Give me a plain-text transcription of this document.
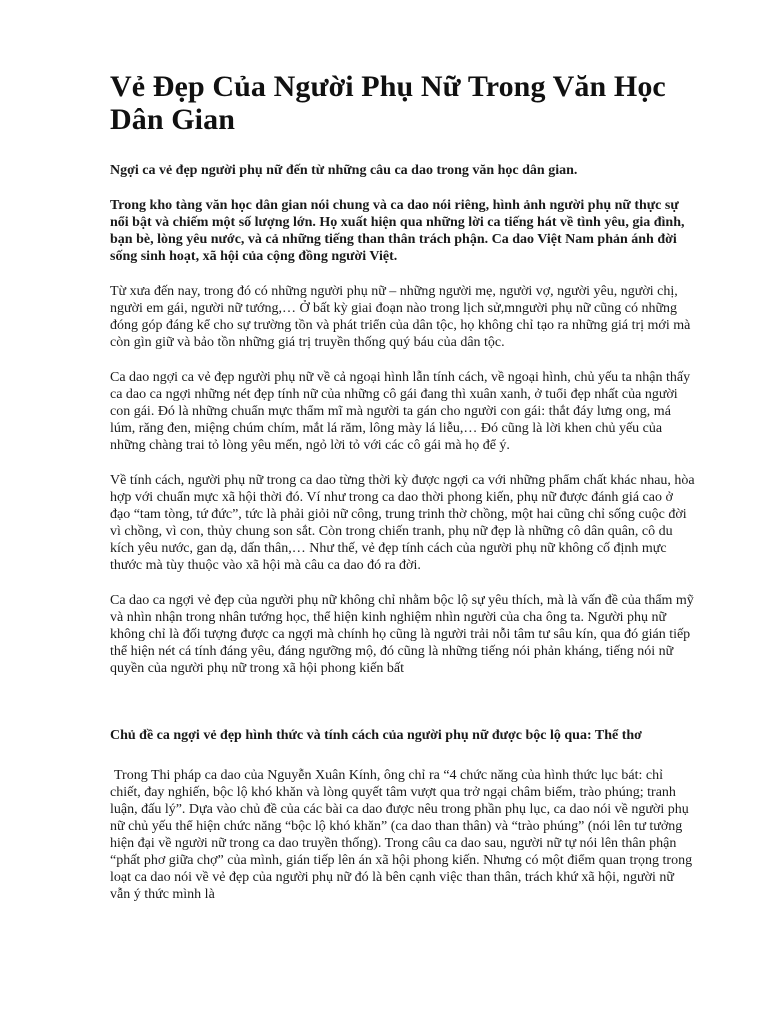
Vẻ Đẹp Của Người Phụ Nữ Trong Văn Học Dân Gian

Ngợi ca vẻ đẹp người phụ nữ đến từ những câu ca dao trong văn học dân gian.

Trong kho tàng văn học dân gian nói chung và ca dao nói riêng, hình ảnh người phụ nữ thực sự nổi bật và chiếm một số lượng lớn. Họ xuất hiện qua những lời ca tiếng hát về tình yêu, gia đình, bạn bè, lòng yêu nước, và cả những tiếng than thân trách phận. Ca dao Việt Nam phản ánh đời sống sinh hoạt, xã hội của cộng đồng người Việt.

Từ xưa đến nay, trong đó có những người phụ nữ – những người mẹ, người vợ, người yêu, người chị, người em gái, người nữ tướng,… Ở bất kỳ giai đoạn nào trong lịch sử,mngười phụ nữ cũng có những đóng góp đáng kể cho sự trường tồn và phát triển của dân tộc, họ không chỉ tạo ra những giá trị mới mà còn gìn giữ và bảo tồn những giá trị truyền thống quý báu của dân tộc.

Ca dao ngợi ca vẻ đẹp người phụ nữ về cả ngoại hình lẫn tính cách, về ngoại hình, chủ yếu ta nhận thấy ca dao ca ngợi những nét đẹp tính nữ của những cô gái đang thì xuân xanh, ở tuổi đẹp nhất của người con gái. Đó là những chuẩn mực thẩm mĩ mà người ta gán cho người con gái: thắt đáy lưng ong, má lúm, răng đen, miệng chúm chím, mắt lá răm, lông mày lá liễu,… Đó cũng là lời khen chủ yếu của những chàng trai tỏ lòng yêu mến, ngỏ lời tỏ với các cô gái mà họ để ý.

Về tính cách, người phụ nữ trong ca dao từng thời kỳ được ngợi ca với những phẩm chất khác nhau, hòa hợp với chuẩn mực xã hội thời đó. Ví như trong ca dao thời phong kiến, phụ nữ được đánh giá cao ở đạo “tam tòng, tứ đức”, tức là phải giỏi nữ công, trung trinh thờ chồng, một hai cũng chỉ sống cuộc đời vì chồng, vì con, thủy chung son sắt. Còn trong chiến tranh, phụ nữ đẹp là những cô dân quân, cô du kích yêu nước, gan dạ, dấn thân,… Như thế, vẻ đẹp tính cách của người phụ nữ không cố định mực thước mà tùy thuộc vào xã hội mà câu ca dao đó ra đời.

Ca dao ca ngợi vẻ đẹp của người phụ nữ không chỉ nhằm bộc lộ sự yêu thích, mà là vấn đề của thẩm mỹ và nhìn nhận trong nhân tướng học, thể hiện kinh nghiệm nhìn người của cha ông ta. Người phụ nữ không chỉ là đối tượng được ca ngợi mà chính họ cũng là người trải nỗi tâm tư sâu kín, qua đó gián tiếp thể hiện nét cá tính đáng yêu, đáng ngưỡng mộ, đó cũng là những tiếng nói phản kháng, tiếng nói nữ quyền của người phụ nữ trong xã hội phong kiến bất

Chủ đề ca ngợi vẻ đẹp hình thức và tính cách của người phụ nữ được bộc lộ qua: Thể thơ

Trong Thi pháp ca dao của Nguyễn Xuân Kính, ông chỉ ra “4 chức năng của hình thức lục bát: chỉ chiết, đay nghiến, bộc lộ khó khăn và lòng quyết tâm vượt qua trở ngại châm biếm, trào phúng; tranh luận, đấu lý”. Dựa vào chủ đề của các bài ca dao được nêu trong phần phụ lục, ca dao nói về người phụ nữ chủ yếu thể hiện chức năng “bộc lộ khó khăn” (ca dao than thân) và “trào phúng” (nói lên tư tưởng hiện đại về người nữ trong ca dao truyền thống). Trong câu ca dao sau, người nữ tự nói lên thân phận “phất phơ giữa chợ” của mình, gián tiếp lên án xã hội phong kiến. Nhưng có một điểm quan trọng trong loạt ca dao nói về vẻ đẹp của người phụ nữ đó là bên cạnh việc than thân, trách khứ xã hội, người nữ vẫn ý thức mình là
